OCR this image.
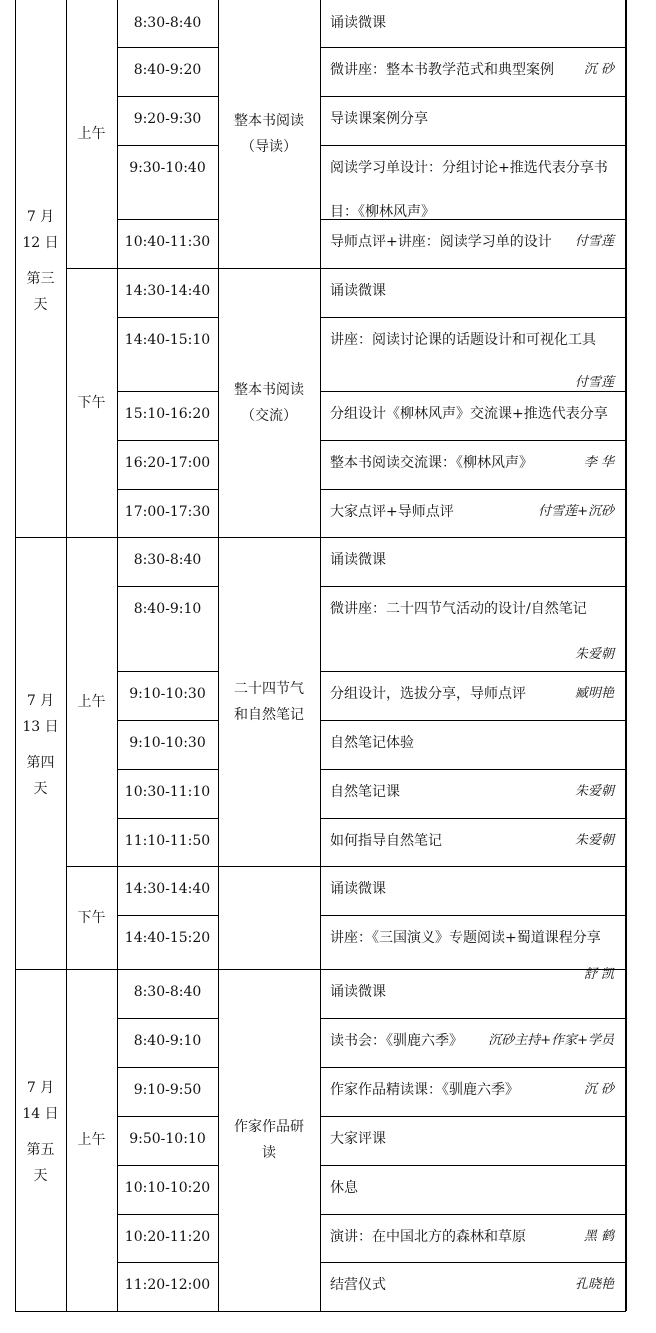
7 月
12 日
第三
天
上午
整本书阅读
（导读）
8:30-8:40	诵读微课
8:40-9:20	微讲座：整本书教学范式和典型案例 沉 砂
9:20-9:30	导读课案例分享
9:30-10:40	阅读学习单设计：分组讨论+推选代表分享书
目：《柳林风声》
10:40-11:30	导师点评+讲座：阅读学习单的设计 付雪莲
下午
整本书阅读
（交流）
14:30-14:40	诵读微课
14:40-15:10	讲座：阅读讨论课的话题设计和可视化工具
付雪莲
15:10-16:20	分组设计《柳林风声》交流课+推选代表分享
16:20-17:00	整本书阅读交流课：《柳林风声》	李 华
17:00-17:30	大家点评+导师点评	付雪莲+沉砂
7 月
13 日
第四
天
上午
二十四节气
和自然笔记
8:30-8:40	诵读微课
8:40-9:10	微讲座：二十四节气活动的设计/自然笔记
朱爱朝
9:10-10:30	分组设计，选拔分享，导师点评	臧明艳
9:10-10:30	自然笔记体验
10:30-11:10	自然笔记课	朱爱朝
11:10-11:50	如何指导自然笔记	朱爱朝
下午
14:30-14:40	诵读微课
14:40-15:20	讲座：《三国演义》专题阅读+蜀道课程分享
舒 凯
7 月
14 日
第五
天
上午
作家作品研
读
8:30-8:40	诵读微课
8:40-9:10	读书会：《驯鹿六季》 沉砂主持+作家+学员
9:10-9:50	作家作品精读课：《驯鹿六季》	沉 砂
9:50-10:10	大家评课
10:10-10:20	休息
10:20-11:20	演讲：在中国北方的森林和草原	黑 鹤
11:20-12:00	结营仪式	孔晓艳
